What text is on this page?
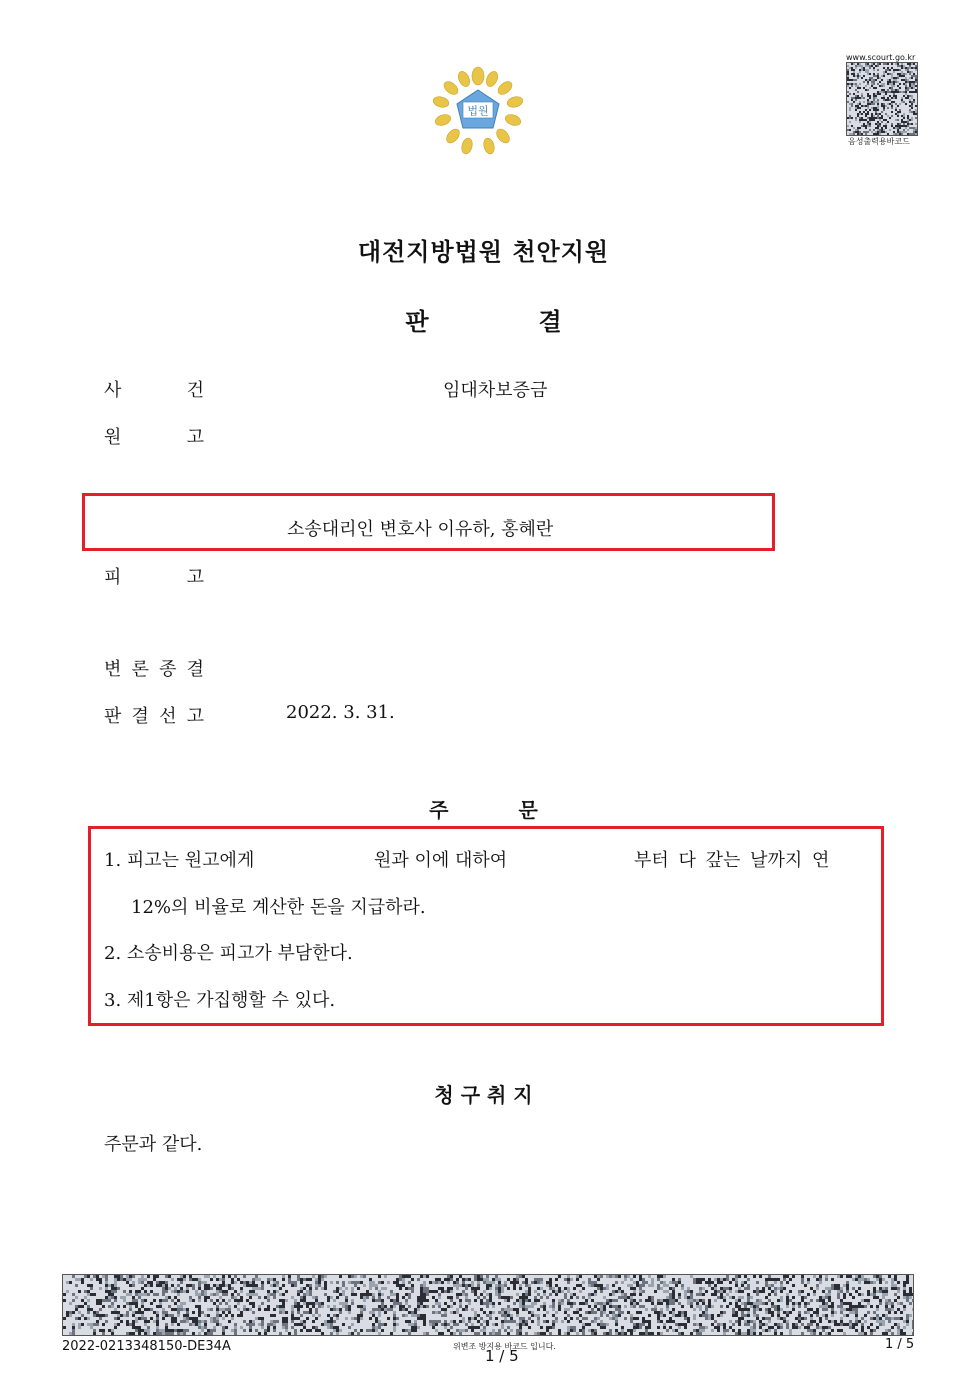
법원
www.scourt.go.kr
음성출력용바코드
대전지방법원 천안지원
판	결
사	건	임대차보증금
원	고
소송대리인 변호사 이유하, 홍혜란
피	고
변 론 종 결
판 결 선 고	2022. 3. 31.
주	문
1. 피고는 원고에게	원과 이에 대하여	부터 다 갚는 날까지 연
12%의 비율로 계산한 돈을 지급하라.
2. 소송비용은 피고가 부담한다.
3. 제1항은 가집행할 수 있다.
청 구 취 지
주문과 같다.
2022-0213348150-DE34A	위변조 방지용 바코드 입니다.
1 / 5
1 / 5
